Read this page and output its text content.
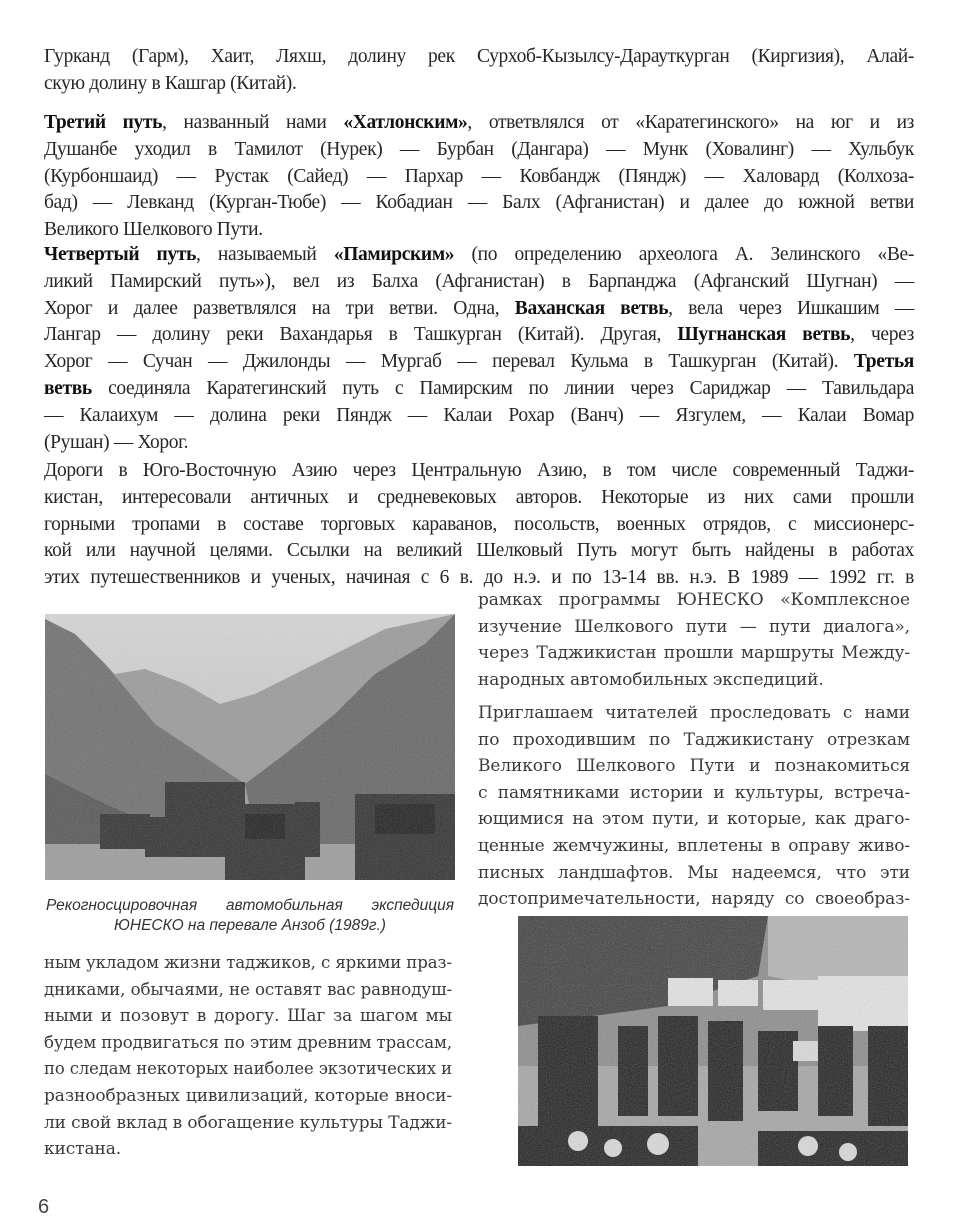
Гурканд (Гарм), Хаит, Ляхш, долину рек Сурхоб-Кызылсу-Дарауткурган (Киргизия), Алай-
скую долину в Кашгар (Китай).
Третий путь, названный нами «Хатлонским», ответвлялся от «Каратегинского» на юг и из
Душанбе уходил в Тамилот (Нурек) — Бурбан (Дангара) — Мунк (Ховалинг) — Хульбук
(Курбоншаид) — Рустак (Сайед) — Пархар — Ковбандж (Пяндж) — Халовард (Колхоза-
бад) — Левканд (Курган-Тюбе) — Кобадиан — Балх (Афганистан) и далее до южной ветви
Великого Шелкового Пути.
Четвертый путь, называемый «Памирским» (по определению археолога А. Зелинского «Ве-
ликий Памирский путь»), вел из Балха (Афганистан) в Барпанджа (Афганский Шугнан) —
Хорог и далее разветвлялся на три ветви. Одна, Ваханская ветвь, вела через Ишкашим —
Лангар — долину реки Вахандарья в Ташкурган (Китай). Другая, Шугнанская ветвь, через
Хорог — Сучан — Джилонды — Мургаб — перевал Кульма в Ташкурган (Китай). Третья
ветвь соединяла Каратегинский путь с Памирским по линии через Сариджар — Тавильдара
— Калаихум — долина реки Пяндж — Калаи Рохар (Ванч) — Язгулем, — Калаи Вомар
(Рушан) — Хорог.
Дороги в Юго-Восточную Азию через Центральную Азию, в том числе современный Таджи-
кистан, интересовали античных и средневековых авторов. Некоторые из них сами прошли
горными тропами в составе торговых караванов, посольств, военных отрядов, с миссионерс-
кой или научной целями. Ссылки на великий Шелковый Путь могут быть найдены в работах
этих путешественников и ученых, начиная с 6 в. до н.э. и по 13-14 вв. н.э. В 1989 — 1992 гг. в
рамках программы ЮНЕСКО «Комплексное
изучение Шелкового пути — пути диалога»,
через Таджикистан прошли маршруты Между-
народных автомобильных экспедиций.
Приглашаем читателей проследовать с нами
по проходившим по Таджикистану отрезкам
Великого Шелкового Пути и познакомиться
с памятниками истории и культуры, встреча-
ющимися на этом пути, и которые, как драго-
ценные жемчужины, вплетены в оправу живо-
писных ландшафтов. Мы надеемся, что эти
достопримечательности, наряду со своеобраз-
Рекогносцировочная автомобильная экспедиция
ЮНЕСКО на перевале Анзоб (1989г.)
ным укладом жизни таджиков, с яркими праз-
дниками, обычаями, не оставят вас равнодуш-
ными и позовут в дорогу. Шаг за шагом мы
будем продвигаться по этим древним трассам,
по следам некоторых наиболее экзотических и
разнообразных цивилизаций, которые вноси-
ли свой вклад в обогащение культуры Таджи-
кистана.
6
